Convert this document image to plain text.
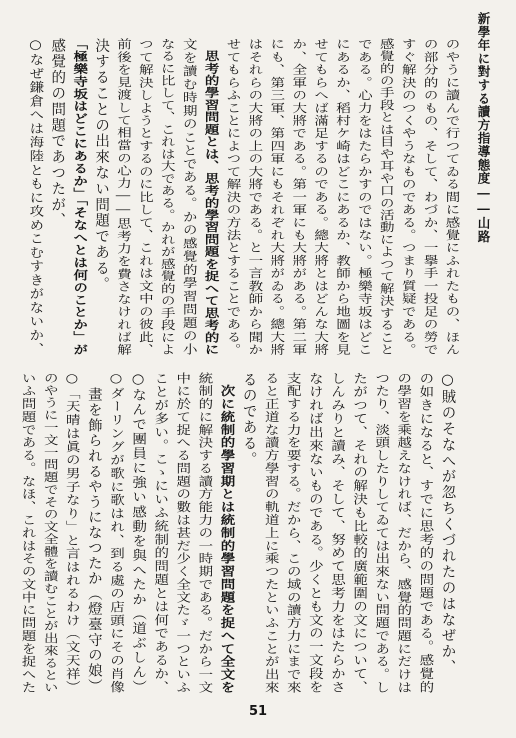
新學年に對する讀方指導態度――山路
のやうに讀んで行つてゐる間に感覺にふれたもの、ほん
の部分的のもの、そして、わづか、一擧手一投足の勞で
すぐ解決のつくやうなものである。つまり質疑である。
感覺的の手段とは目や耳や口の活動によつて解決すること
である。心力をはたらかすのではない。極樂寺坂はどこ
にあるか、稻村ケ崎はどこにあるか、教師から地圖を見
せてもらへば滿足するのである。總大將とはどんな大將
か、全軍の大將である。第一軍にも大將がある。第二軍
にも、第三軍、第四軍にもそれぞれ大將がゐる。總大將
はそれらの大將の上の大將である。と一言教師から聞か
せてもらふことによつて解決の方法とすることである。
　思考的學習問題とは、思考的學習問題を捉へて思考的に
文を讀む時期のことである。かの感覺的學習問題の小
なるに比して、これは大である。かれが感覺的の手段によ
つて解決しようとするのに比して、これは文中の彼此、
前後を見渡して相當の心力――思考力を費さなければ解
決することの出來ない問題である。
「極樂寺坂はどこにあるか」「そなへとは何のことか」が
感覺的の問題であつたが、
○なぜ鎌倉へは海陸ともに攻めこむすきがないか、
○賊のそなへが忽ちくづれたのはなぜか、
の如きになると、すでに思考的の問題である。感覺的
の學習を乘越えなければ、だから、感覺的問題にだけは
つたり、淡頭したりしてゐては出來ない問題である。し
たがつて、それの解決も比較的廣範圍の文について、
しんみりと讀み、そして、努めて思考力をはたらかさ
なければ出來ないものである。少くとも文の一文段を
支配する力を要する。だから、この域の讀方力にまで來
ると正道な讀方學習の軌道上に乘つたといふことが出來
るのである。
　次に統制的學習期とは統制的學習問題を捉へて全文を
統制的に解決する讀方能力の一時期である。だから一文
中に於て捉へる問題の數は甚だ少く全文たゞ一つといふ
ことが多い。こゝにいふ統制的問題とは何であるか、
○なんで團員に強い感動を與へたか（道ぶしん）
○ダーリングが歌に歌はれ、到る處の店頭にその肖像
　畫を飾られるやうになつたか（燈臺守の娘）
○「天晴は眞の男子なり」と言はれるわけ（文天祥）
のやうに一文一問題でその文全體を讀むことが出來るとい
いふ問題である。なほ、これはその文中に問題を捉へた
51
